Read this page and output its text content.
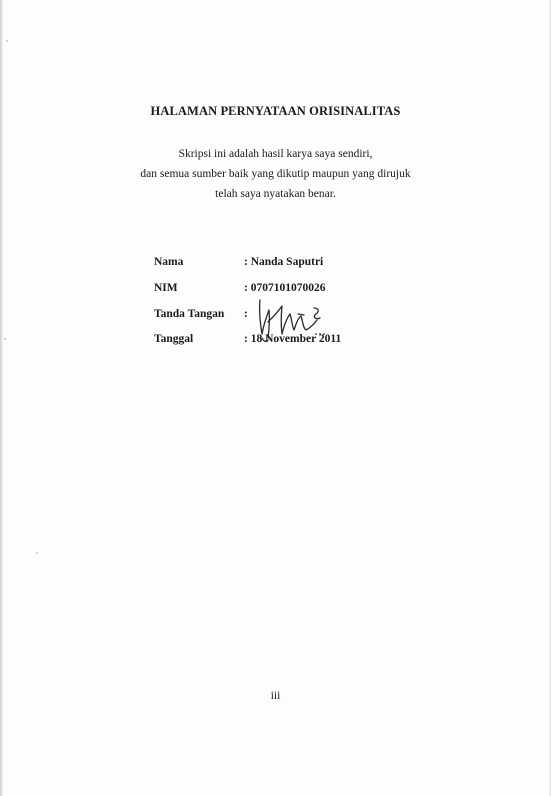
HALAMAN PERNYATAAN ORISINALITAS
Skripsi ini adalah hasil karya saya sendiri,
dan semua sumber baik yang dikutip maupun yang dirujuk
telah saya nyatakan benar.
Nama	: Nanda Saputri
NIM	: 0707101070026
Tanda Tangan :
Tanggal	: 18 November 2011
iii
